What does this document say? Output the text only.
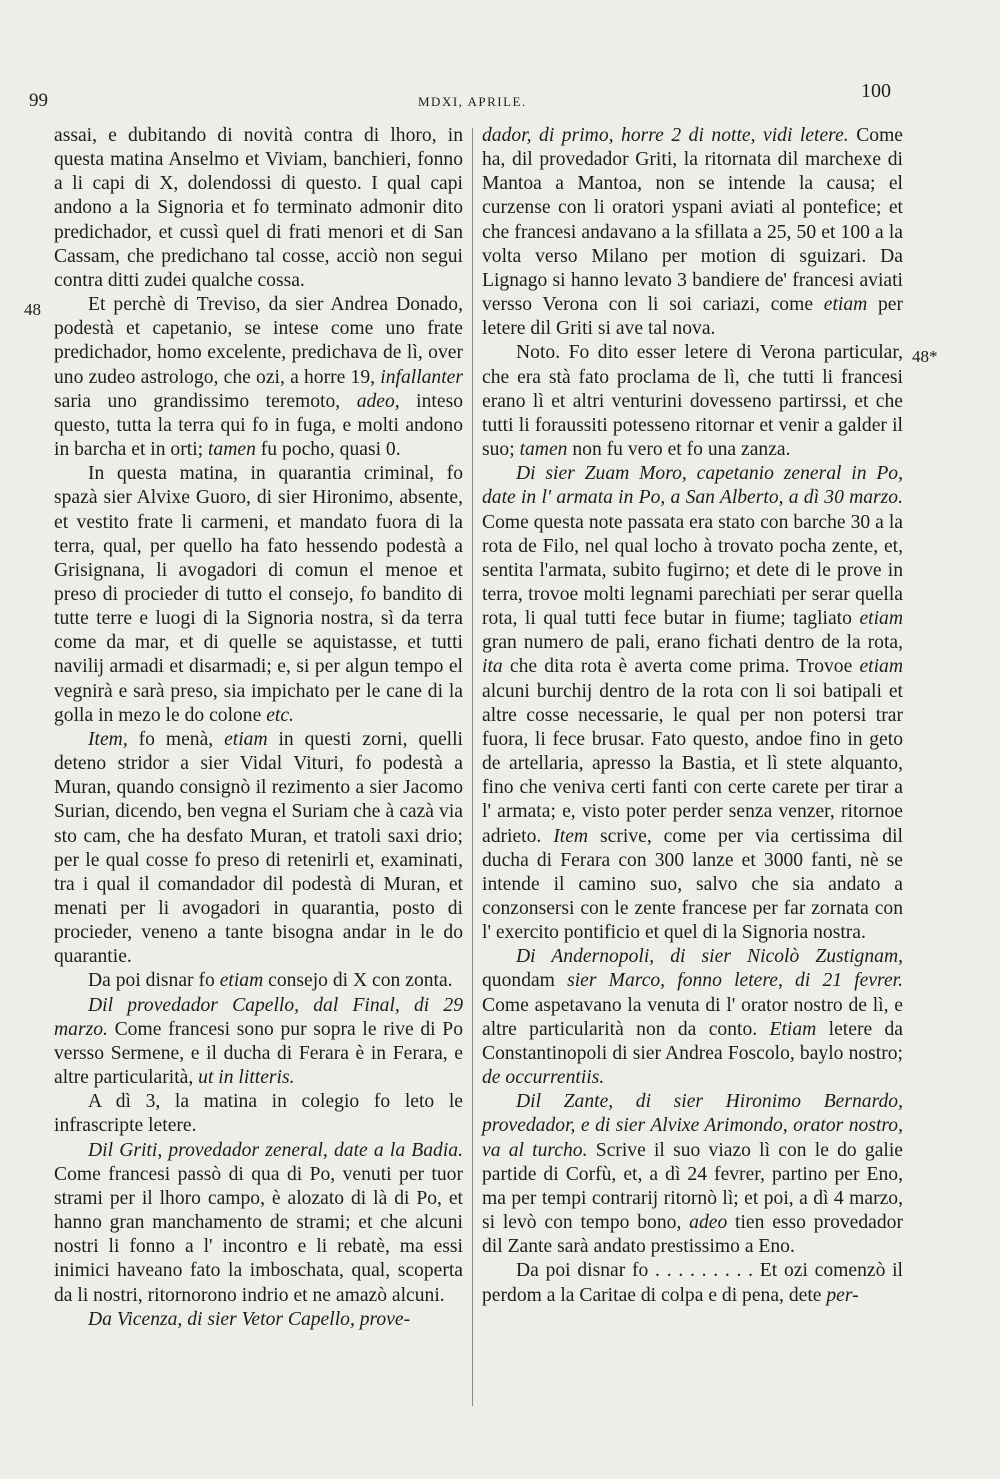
99	MDXI, APRILE.	100
48
48*

assai, e dubitando di novità contra di lhoro, in questa matina Anselmo et Viviam, banchieri, fonno a li capi di X, dolendossi di questo. I qual capi andono a la Signoria et fo terminato admonir dito predichador, et cussì quel di frati menori et di San Cassam, che predichano tal cosse, acciò non segui contra ditti zudei qualche cossa.

Et perchè di Treviso, da sier Andrea Donado, podestà et capetanio, se intese come uno frate predichador, homo excelente, predichava de lì, over uno zudeo astrologo, che ozi, a horre 19, infallanter saria uno grandissimo teremoto, adeo, inteso questo, tutta la terra qui fo in fuga, e molti andono in barcha et in orti; tamen fu pocho, quasi 0.

In questa matina, in quarantia criminal, fo spazà sier Alvixe Guoro, di sier Hironimo, absente, et vestito frate li carmeni, et mandato fuora di la terra, qual, per quello ha fato hessendo podestà a Grisignana, li avogadori di comun el menoe et preso di procieder di tutto el consejo, fo bandito di tutte terre e luogi di la Signoria nostra, sì da terra come da mar, et di quelle se aquistasse, et tutti navilij armadi et disarmadi; e, si per algun tempo el vegnirà e sarà preso, sia impichato per le cane di la golla in mezo le do colone etc.

Item, fo menà, etiam in questi zorni, quelli deteno stridor a sier Vidal Vituri, fo podestà a Muran, quando consignò il rezimento a sier Jacomo Surian, dicendo, ben vegna el Suriam che à cazà via sto cam, che ha desfato Muran, et tratoli saxi drio; per le qual cosse fo preso di retenirli et, examinati, tra i qual il comandador dil podestà di Muran, et menati per li avogadori in quarantia, posto di procieder, veneno a tante bisogna andar in le do quarantie.

Da poi disnar fo etiam consejo di X con zonta.

Dil provedador Capello, dal Final, di 29 marzo. Come francesi sono pur sopra le rive di Po versso Sermene, e il ducha di Ferara è in Ferara, e altre particularità, ut in litteris.

A dì 3, la matina in colegio fo leto le infrascripte letere.

Dil Griti, provedador zeneral, date a la Badia. Come francesi passò di qua di Po, venuti per tuor strami per il lhoro campo, è alozato di là di Po, et hanno gran manchamento de strami; et che alcuni nostri li fonno a l' incontro e li rebatè, ma essi inimici haveano fato la imboschata, qual, scoperta da li nostri, ritornorono indrio et ne amazò alcuni.

Da Vicenza, di sier Vetor Capello, prove-

dador, di primo, horre 2 di notte, vidi letere. Come ha, dil provedador Griti, la ritornata dil marchexe di Mantoa a Mantoa, non se intende la causa; el curzense con li oratori yspani aviati al pontefice; et che francesi andavano a la sfillata a 25, 50 et 100 a la volta verso Milano per motion di sguizari. Da Lignago si hanno levato 3 bandiere de' francesi aviati versso Verona con li soi cariazi, come etiam per letere dil Griti si ave tal nova.

Noto. Fo dito esser letere di Verona particular, che era stà fato proclama de lì, che tutti li francesi erano lì et altri venturini dovesseno partirssi, et che tutti li foraussiti potesseno ritornar et venir a galder il suo; tamen non fu vero et fo una zanza.

Di sier Zuam Moro, capetanio zeneral in Po, date in l' armata in Po, a San Alberto, a dì 30 marzo. Come questa note passata era stato con barche 30 a la rota de Filo, nel qual locho à trovato pocha zente, et, sentita l'armata, subito fugirno; et dete di le prove in terra, trovoe molti legnami parechiati per serar quella rota, li qual tutti fece butar in fiume; tagliato etiam gran numero de pali, erano fichati dentro de la rota, ita che dita rota è averta come prima. Trovoe etiam alcuni burchij dentro de la rota con li soi batipali et altre cosse necessarie, le qual per non potersi trar fuora, li fece brusar. Fato questo, andoe fino in geto de artellaria, apresso la Bastia, et lì stete alquanto, fino che veniva certi fanti con certe carete per tirar a l' armata; e, visto poter perder senza venzer, ritornoe adrieto. Item scrive, come per via certissima dil ducha di Ferara con 300 lanze et 3000 fanti, nè se intende il camino suo, salvo che sia andato a conzonsersi con le zente francese per far zornata con l' exercito pontificio et quel di la Signoria nostra.

Di Andernopoli, di sier Nicolò Zustignam, quondam sier Marco, fonno letere, di 21 fevrer. Come aspetavano la venuta di l' orator nostro de lì, e altre particularità non da conto. Etiam letere da Constantinopoli di sier Andrea Foscolo, baylo nostro; de occurrentiis.

Dil Zante, di sier Hironimo Bernardo, provedador, e di sier Alvixe Arimondo, orator nostro, va al turcho. Scrive il suo viazo lì con le do galie partide di Corfù, et, a dì 24 fevrer, partino per Eno, ma per tempi contrarij ritornò lì; et poi, a dì 4 marzo, si levò con tempo bono, adeo tien esso provedador dil Zante sarà andato prestissimo a Eno.

Da poi disnar fo . . . . . . . . . Et ozi comenzò il perdom a la Caritae di colpa e di pena, dete per-
